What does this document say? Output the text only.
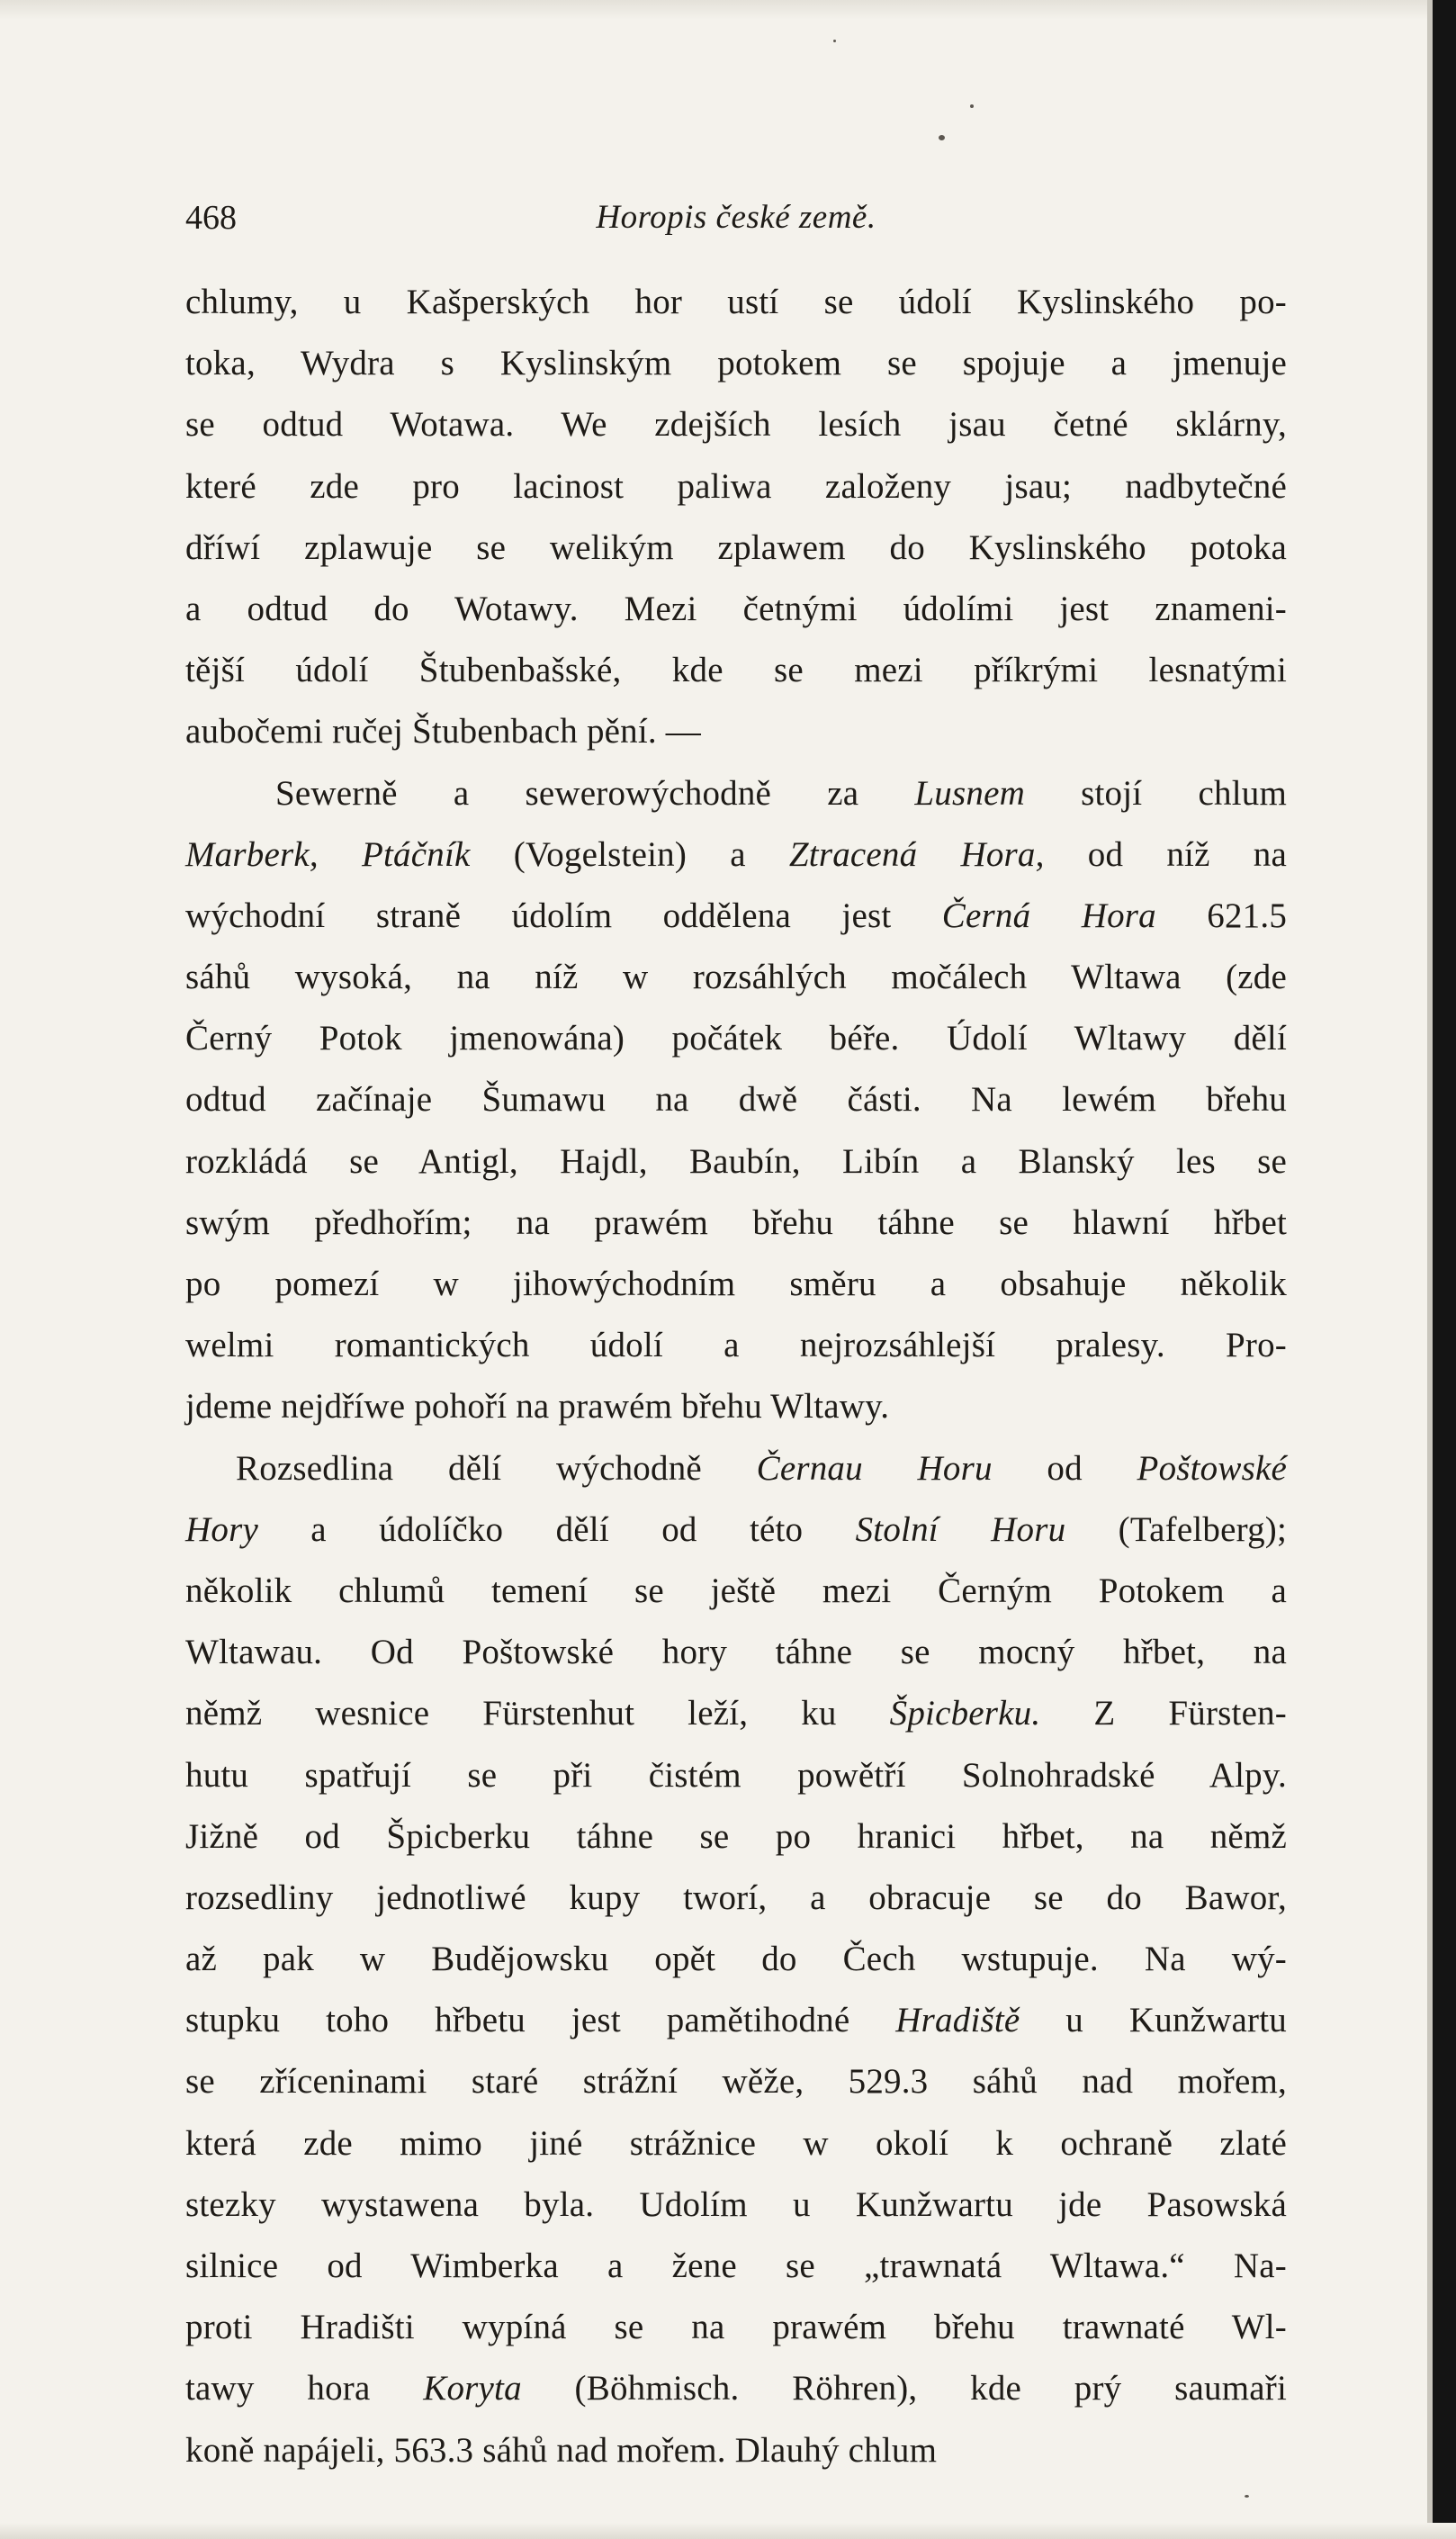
468	Horopis české země.
chlumy, u Kašperských hor ustí se údolí Kyslinského po-
toka, Wydra s Kyslinským potokem se spojuje a jmenuje
se odtud Wotawa. We zdejších lesích jsau četné sklárny,
které zde pro lacinost paliwa založeny jsau; nadbytečné
dříwí zplawuje se welikým zplawem do Kyslinského potoka
a odtud do Wotawy. Mezi četnými údolími jest znameni-
tější údolí Štubenbašské, kde se mezi příkrými lesnatými
aubočemi ručej Štubenbach pění. —
Sewerně a sewerowýchodně za Lusnem stojí chlum
Marberk, Ptáčník (Vogelstein) a Ztracená Hora, od níž na
wýchodní straně údolím oddělena jest Černá Hora 621.5
sáhů wysoká, na níž w rozsáhlých močálech Wltawa (zde
Černý Potok jmenowána) počátek béře. Údolí Wltawy dělí
odtud začínaje Šumawu na dwě části. Na lewém břehu
rozkládá se Antigl, Hajdl, Baubín, Libín a Blanský les se
swým předhořím; na prawém břehu táhne se hlawní hřbet
po pomezí w jihowýchodním směru a obsahuje několik
welmi romantických údolí a nejrozsáhlejší pralesy. Pro-
jdeme nejdříwe pohoří na prawém břehu Wltawy.
Rozsedlina dělí wýchodně Černau Horu od Poštowské
Hory a údolíčko dělí od této Stolní Horu (Tafelberg);
několik chlumů temení se ještě mezi Černým Potokem a
Wltawau. Od Poštowské hory táhne se mocný hřbet, na
němž wesnice Fürstenhut leží, ku Špicberku. Z Fürsten-
hutu spatřují se při čistém powětří Solnohradské Alpy.
Jižně od Špicberku táhne se po hranici hřbet, na němž
rozsedliny jednotliwé kupy tworí, a obracuje se do Bawor,
až pak w Budějowsku opět do Čech wstupuje. Na wý-
stupku toho hřbetu jest pamětihodné Hradiště u Kunžwartu
se zříceninami staré strážní wěže, 529.3 sáhů nad mořem,
která zde mimo jiné strážnice w okolí k ochraně zlaté
stezky wystawena byla. Udolím u Kunžwartu jde Pasowská
silnice od Wimberka a žene se „trawnatá Wltawa.“ Na-
proti Hradišti wypíná se na prawém břehu trawnaté Wl-
tawy hora Koryta (Böhmisch. Röhren), kde prý saumaři
koně napájeli, 563.3 sáhů nad mořem. Dlauhý chlum
